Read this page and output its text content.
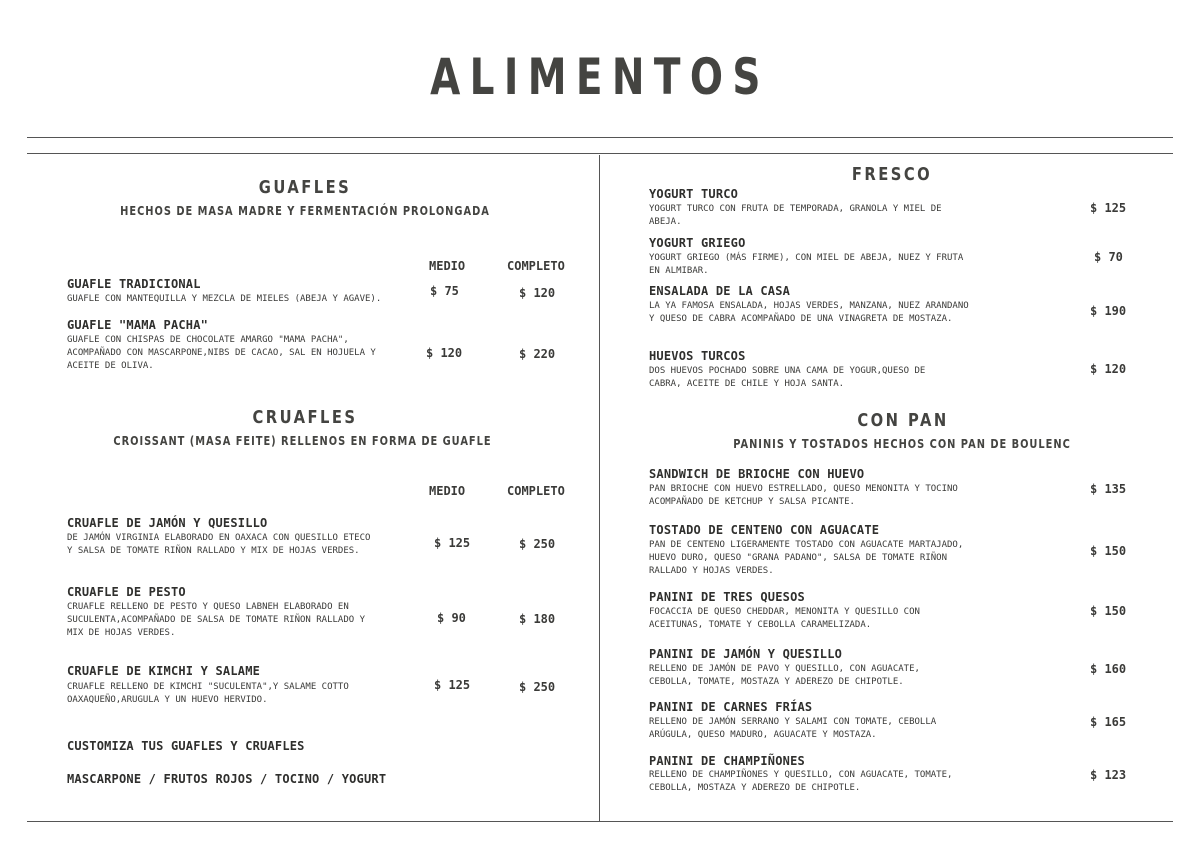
ALIMENTOS
GUAFLES
HECHOS DE MASA MADRE Y FERMENTACIÓN PROLONGADA
MEDIO	COMPLETO
GUAFLE TRADICIONAL
GUAFLE CON MANTEQUILLA Y MEZCLA DE MIELES (ABEJA Y AGAVE).
$ 75	$ 120
GUAFLE "MAMA PACHA"
GUAFLE CON CHISPAS DE CHOCOLATE AMARGO "MAMA PACHA", ACOMPAÑADO CON MASCARPONE,NIBS DE CACAO, SAL EN HOJUELA Y ACEITE DE OLIVA.
$ 120	$ 220
CRUAFLES
CROISSANT (MASA FEITE) RELLENOS EN FORMA DE GUAFLE
MEDIO	COMPLETO
CRUAFLE DE JAMÓN Y QUESILLO
DE JAMÓN VIRGINIA ELABORADO EN OAXACA CON QUESILLO ETECO Y SALSA DE TOMATE RIÑON RALLADO Y MIX DE HOJAS VERDES.
$ 125	$ 250
CRUAFLE DE PESTO
CRUAFLE RELLENO DE PESTO Y QUESO LABNEH ELABORADO EN SUCULENTA,ACOMPAÑADO DE SALSA DE TOMATE RIÑON RALLADO Y MIX DE HOJAS VERDES.
$ 90	$ 180
CRUAFLE DE KIMCHI Y SALAME
CRUAFLE RELLENO DE KIMCHI "SUCULENTA",Y SALAME COTTO OAXAQUEÑO,ARUGULA Y UN HUEVO HERVIDO.
$ 125	$ 250
CUSTOMIZA TUS GUAFLES Y CRUAFLES
MASCARPONE / FRUTOS ROJOS / TOCINO / YOGURT
FRESCO
YOGURT TURCO
YOGURT TURCO CON FRUTA DE TEMPORADA, GRANOLA Y MIEL DE ABEJA.
$ 125
YOGURT GRIEGO
YOGURT GRIEGO (MÁS FIRME), CON MIEL DE ABEJA, NUEZ Y FRUTA EN ALMIBAR.
$ 70
ENSALADA DE LA CASA
LA YA FAMOSA ENSALADA, HOJAS VERDES, MANZANA, NUEZ ARANDANO Y QUESO DE CABRA ACOMPAÑADO DE UNA VINAGRETA DE MOSTAZA.
$ 190
HUEVOS TURCOS
DOS HUEVOS POCHADO SOBRE UNA CAMA DE YOGUR,QUESO DE CABRA, ACEITE DE CHILE Y HOJA SANTA.
$ 120
CON PAN
PANINIS Y TOSTADOS HECHOS CON PAN DE BOULENC
SANDWICH DE BRIOCHE CON HUEVO
PAN BRIOCHE CON HUEVO ESTRELLADO, QUESO MENONITA Y TOCINO ACOMPAÑADO DE KETCHUP Y SALSA PICANTE.
$ 135
TOSTADO DE CENTENO CON AGUACATE
PAN DE CENTENO LIGERAMENTE TOSTADO CON AGUACATE MARTAJADO, HUEVO DURO, QUESO "GRANA PADANO", SALSA DE TOMATE RIÑON RALLADO Y HOJAS VERDES.
$ 150
PANINI DE TRES QUESOS
FOCACCIA DE QUESO CHEDDAR, MENONITA Y QUESILLO CON ACEITUNAS, TOMATE Y CEBOLLA CARAMELIZADA.
$ 150
PANINI DE JAMÓN Y QUESILLO
RELLENO DE JAMÓN DE PAVO Y QUESILLO, CON AGUACATE, CEBOLLA, TOMATE, MOSTAZA Y ADEREZO DE CHIPOTLE.
$ 160
PANINI DE CARNES FRÍAS
RELLENO DE JAMÓN SERRANO Y SALAMI CON TOMATE, CEBOLLA ARÚGULA, QUESO MADURO, AGUACATE Y MOSTAZA.
$ 165
PANINI DE CHAMPIÑONES
RELLENO DE CHAMPIÑONES Y QUESILLO, CON AGUACATE, TOMATE, CEBOLLA, MOSTAZA Y ADEREZO DE CHIPOTLE.
$ 123
